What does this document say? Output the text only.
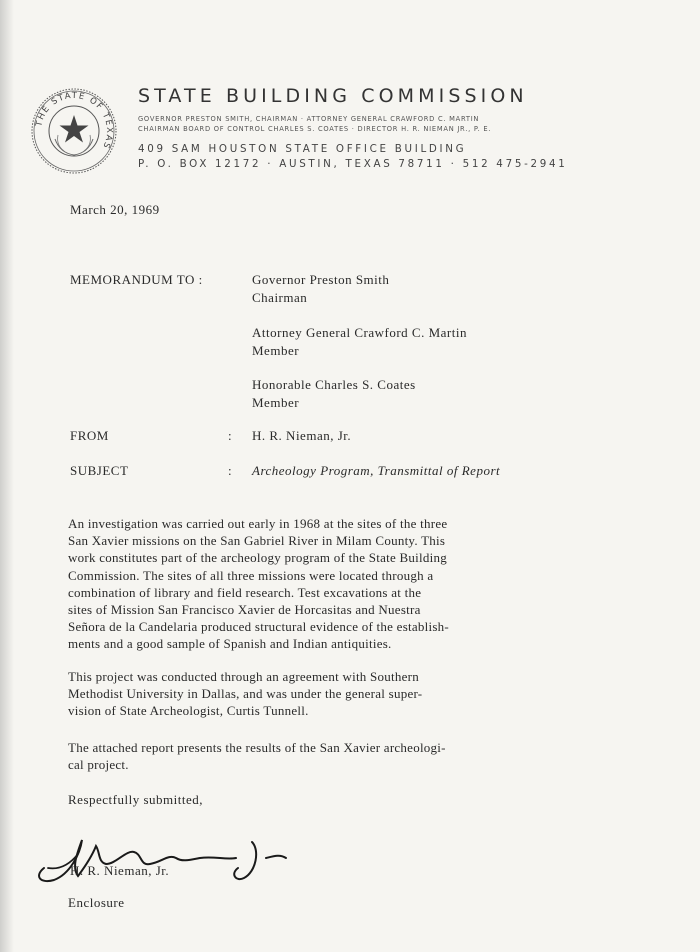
THE STATE OF TEXAS
STATE BUILDING COMMISSION
GOVERNOR PRESTON SMITH, CHAIRMAN · ATTORNEY GENERAL CRAWFORD C. MARTIN
CHAIRMAN BOARD OF CONTROL CHARLES S. COATES · DIRECTOR H. R. NIEMAN JR., P. E.
409 SAM HOUSTON STATE OFFICE BUILDING
P. O. BOX 12172 · AUSTIN, TEXAS 78711 · 512 475-2941
March 20, 1969
MEMORANDUM TO :	Governor Preston Smith
Chairman
Attorney General Crawford C. Martin
Member
Honorable Charles S. Coates
Member
FROM	: H. R. Nieman, Jr.
SUBJECT	: Archeology Program, Transmittal of Report
An investigation was carried out early in 1968 at the sites of the three
San Xavier missions on the San Gabriel River in Milam County. This
work constitutes part of the archeology program of the State Building
Commission. The sites of all three missions were located through a
combination of library and field research. Test excavations at the
sites of Mission San Francisco Xavier de Horcasitas and Nuestra
Señora de la Candelaria produced structural evidence of the establish-
ments and a good sample of Spanish and Indian antiquities.
This project was conducted through an agreement with Southern
Methodist University in Dallas, and was under the general super-
vision of State Archeologist, Curtis Tunnell.
The attached report presents the results of the San Xavier archeologi-
cal project.
Respectfully submitted,
H. R. Nieman, Jr.
Enclosure
